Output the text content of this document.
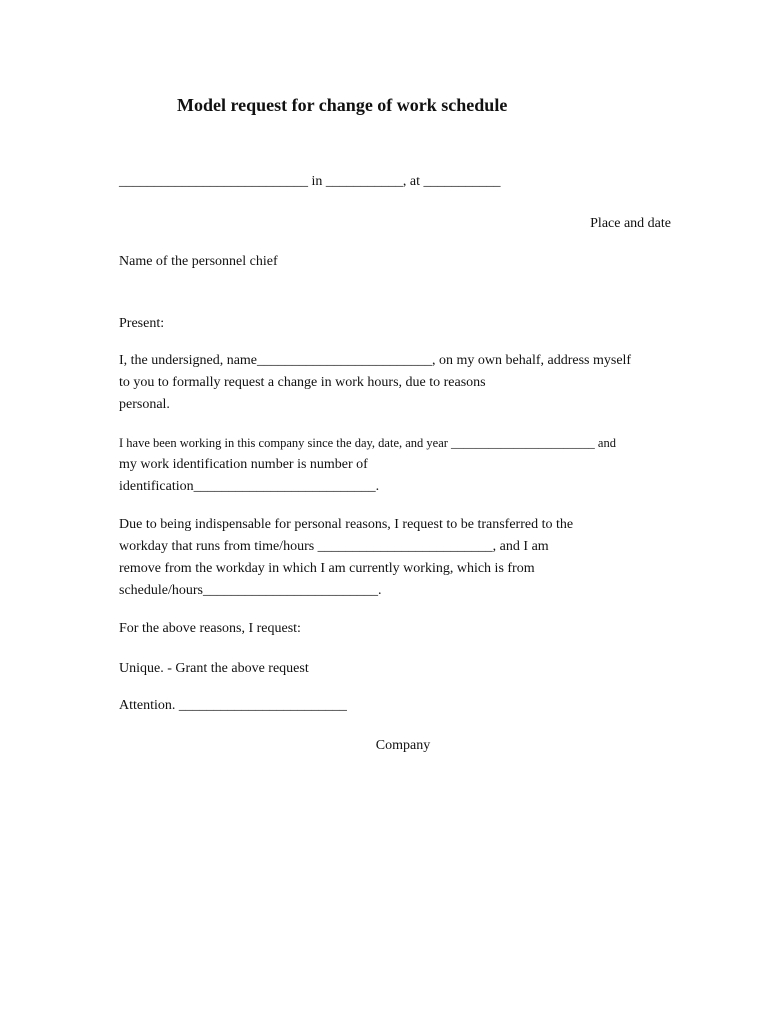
Model request for change of work schedule
___________________________ in ___________, at ___________
Place and date
Name of the personnel chief
Present:
I, the undersigned, name_________________________, on my own behalf, address myself
to you to formally request a change in work hours, due to reasons
personal.
I have been working in this company since the day, date, and year _______________________ and
my work identification number is number of
identification__________________________.
Due to being indispensable for personal reasons, I request to be transferred to the
workday that runs from time/hours _________________________, and I am
remove from the workday in which I am currently working, which is from
schedule/hours_________________________.
For the above reasons, I request:
Unique. - Grant the above request
Attention. ________________________
Company
